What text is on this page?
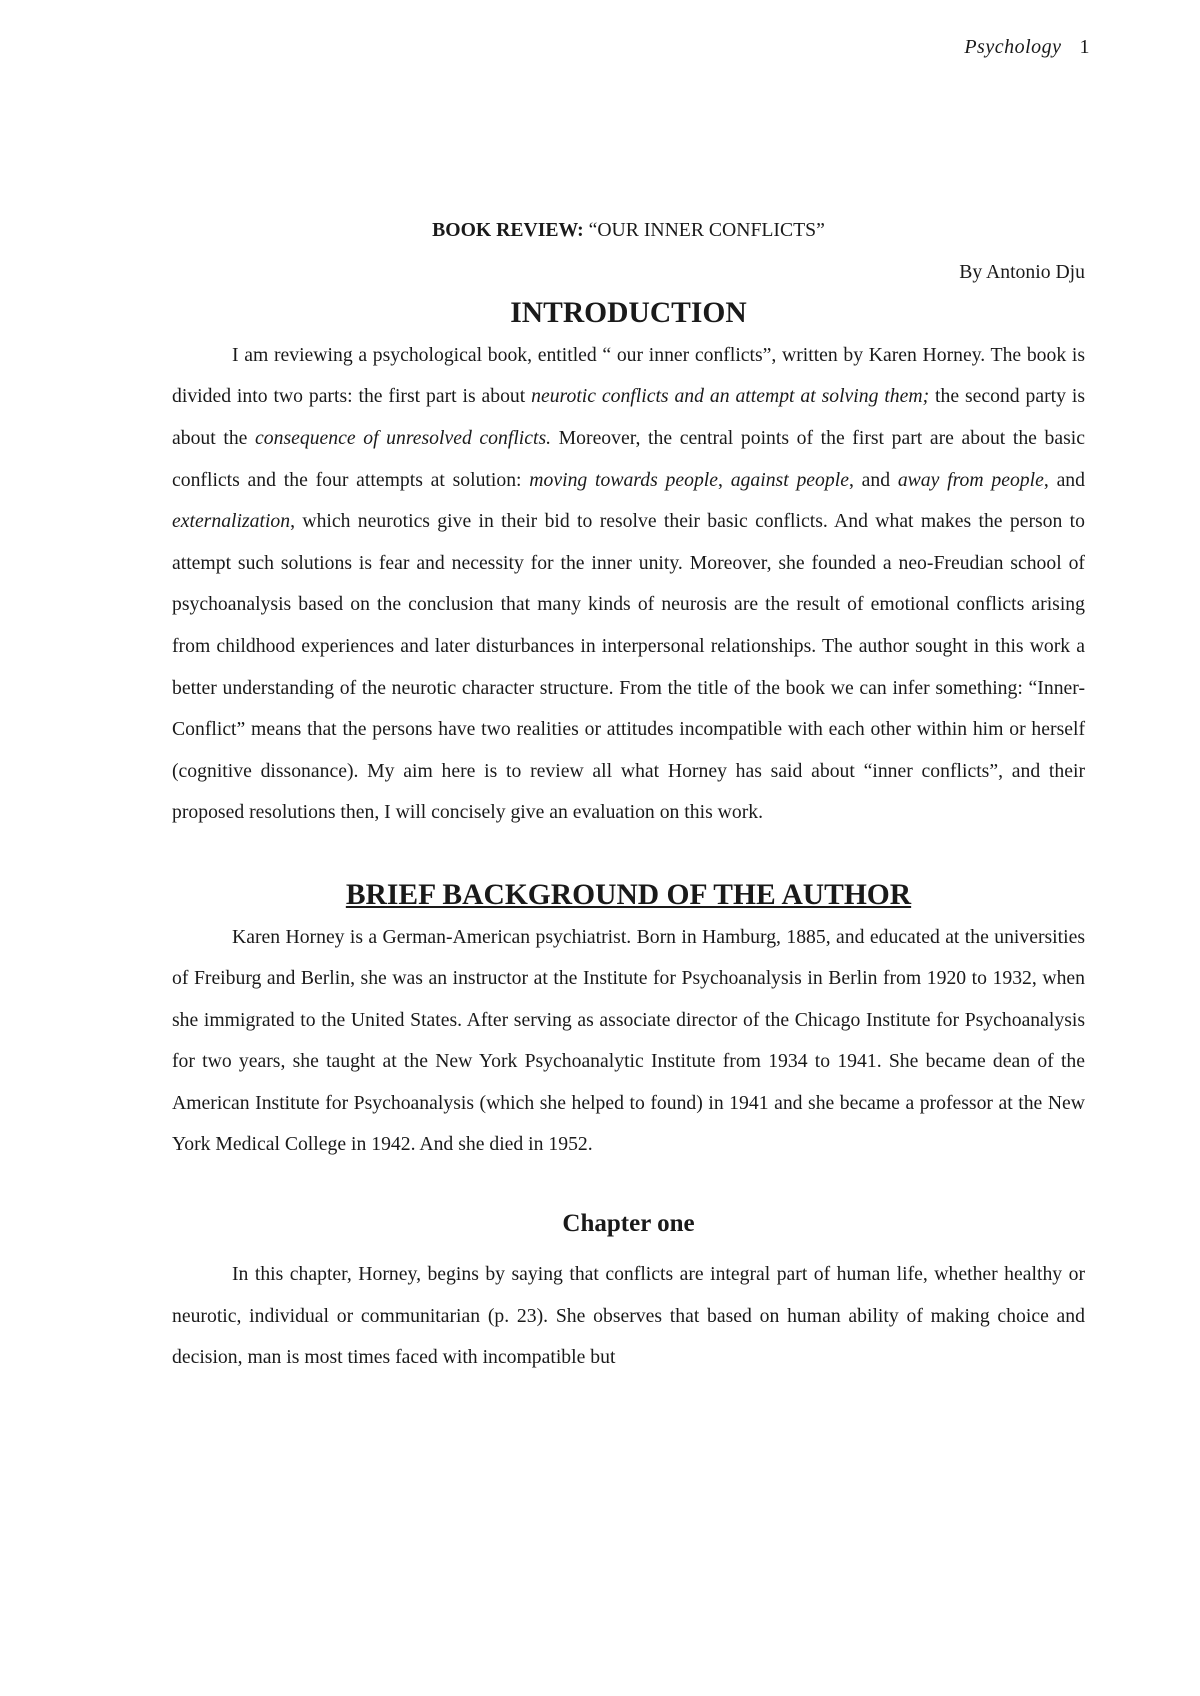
Psychology 1
BOOK REVIEW: “OUR INNER CONFLICTS”

By Antonio Dju

INTRODUCTION

I am reviewing a psychological book, entitled “ our inner conflicts”, written by Karen Horney. The book is divided into two parts: the first part is about neurotic conflicts and an attempt at solving them; the second party is about the consequence of unresolved conflicts. Moreover, the central points of the first part are about the basic conflicts and the four attempts at solution: moving towards people, against people, and away from people, and externalization, which neurotics give in their bid to resolve their basic conflicts. And what makes the person to attempt such solutions is fear and necessity for the inner unity. Moreover, she founded a neo-Freudian school of psychoanalysis based on the conclusion that many kinds of neurosis are the result of emotional conflicts arising from childhood experiences and later disturbances in interpersonal relationships. The author sought in this work a better understanding of the neurotic character structure. From the title of the book we can infer something: “Inner- Conflict” means that the persons have two realities or attitudes incompatible with each other within him or herself (cognitive dissonance). My aim here is to review all what Horney has said about “inner conflicts”, and their proposed resolutions then, I will concisely give an evaluation on this work.

BRIEF BACKGROUND OF THE AUTHOR

Karen Horney is a German-American psychiatrist. Born in Hamburg, 1885, and educated at the universities of Freiburg and Berlin, she was an instructor at the Institute for Psychoanalysis in Berlin from 1920 to 1932, when she immigrated to the United States. After serving as associate director of the Chicago Institute for Psychoanalysis for two years, she taught at the New York Psychoanalytic Institute from 1934 to 1941. She became dean of the American Institute for Psychoanalysis (which she helped to found) in 1941 and she became a professor at the New York Medical College in 1942. And she died in 1952.

Chapter one

In this chapter, Horney, begins by saying that conflicts are integral part of human life, whether healthy or neurotic, individual or communitarian (p. 23). She observes that based on human ability of making choice and decision, man is most times faced with incompatible but
